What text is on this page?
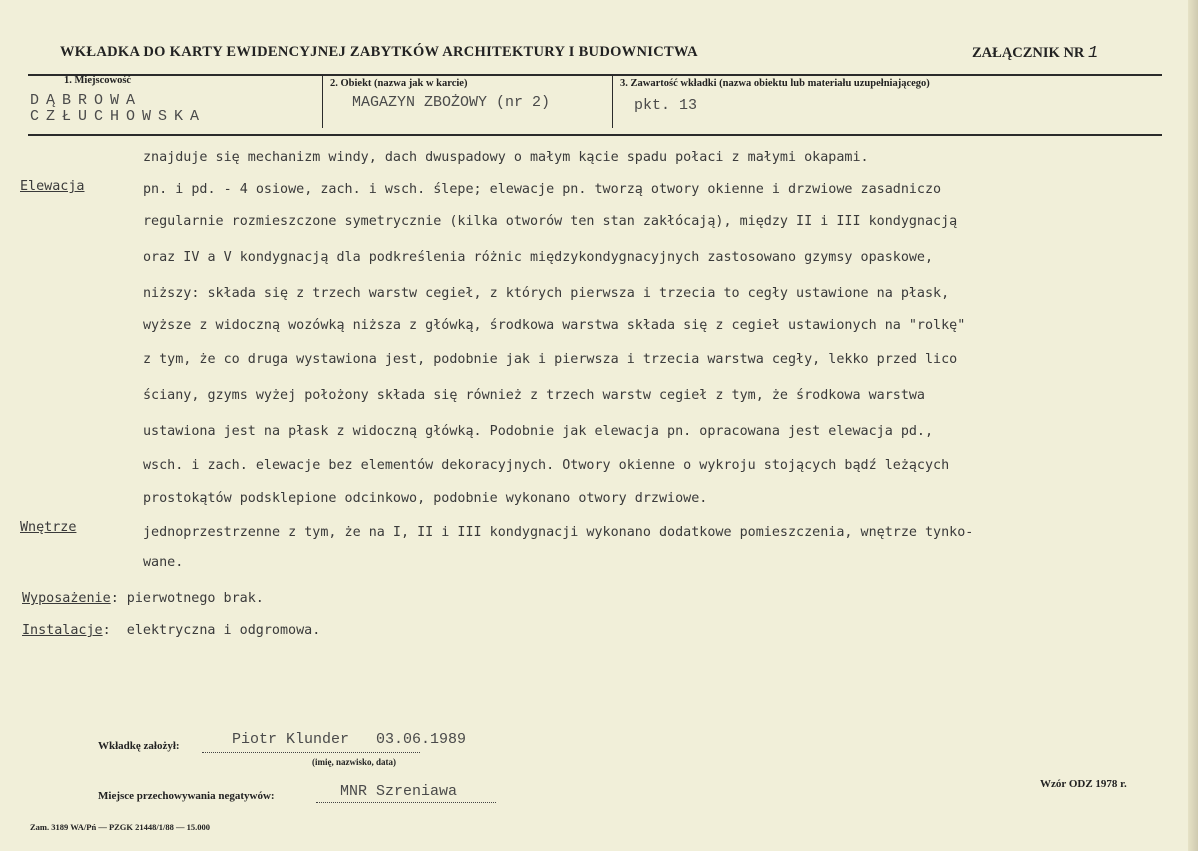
WKŁADKA DO KARTY EWIDENCYJNEJ ZABYTKÓW ARCHITEKTURY I BUDOWNICTWA	ZAŁĄCZNIK NR 1
1. Miejscowość	2. Obiekt (nazwa jak w karcie)	3. Zawartość wkładki (nazwa obiektu lub materiału uzupełniającego)
DĄBROWA
CZŁUCHOWSKA
MAGAZYN ZBOŻOWY (nr 2)	pkt. 13
znajduje się mechanizm windy, dach dwuspadowy o małym kącie spadu połaci z małymi okapami.
Elewacja	pn. i pd. - 4 osiowe, zach. i wsch. ślepe; elewacje pn. tworzą otwory okienne i drzwiowe zasadniczo
regularnie rozmieszczone symetrycznie (kilka otworów ten stan zakłócają), między II i III kondygnacją
oraz IV a V kondygnacją dla podkreślenia różnic międzykondygnacyjnych zastosowano gzymsy opaskowe,
niższy: składa się z trzech warstw cegieł, z których pierwsza i trzecia to cegły ustawione na płask,
wyższe z widoczną wozówką niższa z główką, środkowa warstwa składa się z cegieł ustawionych na "rolkę"
z tym, że co druga wystawiona jest, podobnie jak i pierwsza i trzecia warstwa cegły, lekko przed lico
ściany, gzyms wyżej położony składa się również z trzech warstw cegieł z tym, że środkowa warstwa
ustawiona jest na płask z widoczną główką. Podobnie jak elewacja pn. opracowana jest elewacja pd.,
wsch. i zach. elewacje bez elementów dekoracyjnych. Otwory okienne o wykroju stojących bądź leżących
prostokątów podsklepione odcinkowo, podobnie wykonano otwory drzwiowe.
Wnętrze	jednoprzestrzenne z tym, że na I, II i III kondygnacji wykonano dodatkowe pomieszczenia, wnętrze tynko-
wane.
Wyposażenie: pierwotnego brak.
Instalacje:  elektryczna i odgromowa.
Wkładkę założył:	Piotr Klunder   03.06.1989
(imię, nazwisko, data)
Miejsce przechowywania negatywów:	MNR Szreniawa	Wzór ODZ 1978 r.
Zam. 3189 WA/Pń — PZGK 21448/1/88 — 15.000
